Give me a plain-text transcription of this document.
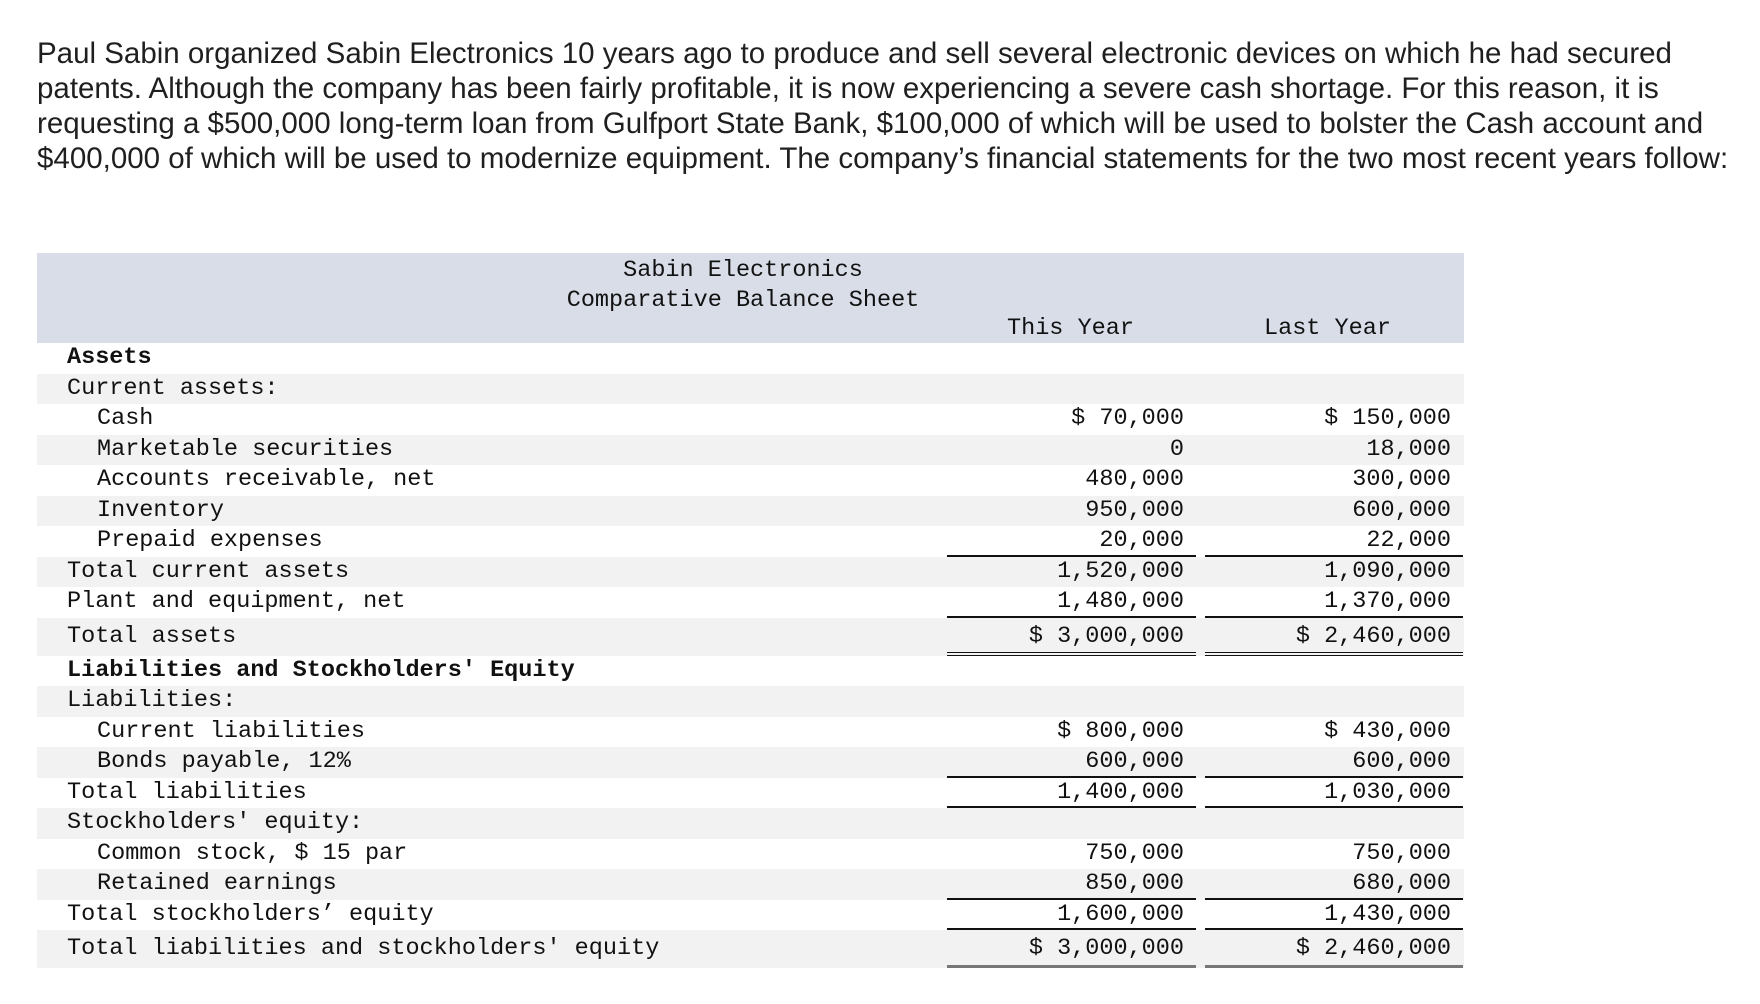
Paul Sabin organized Sabin Electronics 10 years ago to produce and sell several electronic devices on which he had secured patents. Although the company has been fairly profitable, it is now experiencing a severe cash shortage. For this reason, it is requesting a $500,000 long-term loan from Gulfport State Bank, $100,000 of which will be used to bolster the Cash account and $400,000 of which will be used to modernize equipment. The company’s financial statements for the two most recent years follow:

Sabin Electronics
Comparative Balance Sheet
This Year	Last Year
Assets
Current assets:
Cash	$ 70,000	$ 150,000
Marketable securities	0	18,000
Accounts receivable, net	480,000	300,000
Inventory	950,000	600,000
Prepaid expenses	20,000	22,000
Total current assets	1,520,000	1,090,000
Plant and equipment, net	1,480,000	1,370,000
Total assets	$ 3,000,000	$ 2,460,000
Liabilities and Stockholders' Equity
Liabilities:
Current liabilities	$ 800,000	$ 430,000
Bonds payable, 12%	600,000	600,000
Total liabilities	1,400,000	1,030,000
Stockholders' equity:
Common stock, $ 15 par	750,000	750,000
Retained earnings	850,000	680,000
Total stockholders’ equity	1,600,000	1,430,000
Total liabilities and stockholders' equity	$ 3,000,000	$ 2,460,000
